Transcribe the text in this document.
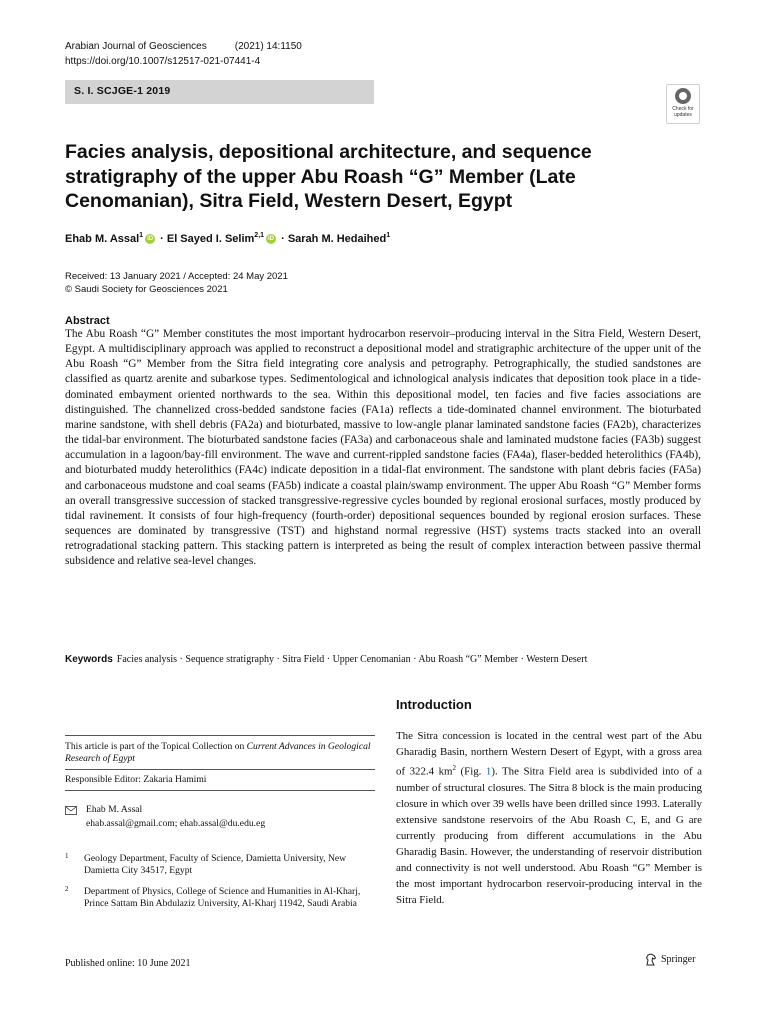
Arabian Journal of Geosciences	(2021) 14:1150
https://doi.org/10.1007/s12517-021-07441-4
S. I. SCJGE-1 2019
Check for
updates
Facies analysis, depositional architecture, and sequence stratigraphy of the upper Abu Roash “G” Member (Late Cenomanian), Sitra Field, Western Desert, Egypt
Ehab M. Assal$^1$iD · El Sayed I. Selim$^{2,1}$iD · Sarah M. Hedaihed$^1$
Received: 13 January 2021 / Accepted: 24 May 2021
© Saudi Society for Geosciences 2021
Abstract
The Abu Roash “G” Member constitutes the most important hydrocarbon reservoir–producing interval in the Sitra Field, Western Desert, Egypt. A multidisciplinary approach was applied to reconstruct a depositional model and stratigraphic architecture of the upper unit of the Abu Roash “G” Member from the Sitra field integrating core analysis and petrography. Petrographically, the studied sandstones are classified as quartz arenite and subarkose types. Sedimentological and ichnological analysis indicates that deposition took place in a tide-dominated embayment oriented northwards to the sea. Within this depositional model, ten facies and five facies associations are distinguished. The channelized cross-bedded sandstone facies (FA1a) reflects a tide-dominated channel environment. The bioturbated marine sandstone, with shell debris (FA2a) and bioturbated, massive to low-angle planar laminated sandstone facies (FA2b), characterizes the tidal-bar environment. The bioturbated sandstone facies (FA3a) and carbonaceous shale and laminated mudstone facies (FA3b) suggest accumulation in a lagoon/bay-fill environment. The wave and current-rippled sandstone facies (FA4a), flaser-bedded heterolithics (FA4b), and bioturbated muddy heterolithics (FA4c) indicate deposition in a tidal-flat environment. The sandstone with plant debris facies (FA5a) and carbonaceous mudstone and coal seams (FA5b) indicate a coastal plain/swamp environment. The upper Abu Roash “G” Member forms an overall transgressive succession of stacked transgressive-regressive cycles bounded by regional erosional surfaces, mostly produced by tidal ravinement. It consists of four high-frequency (fourth-order) depositional sequences bounded by regional erosion surfaces. These sequences are dominated by transgressive (TST) and highstand normal regressive (HST) systems tracts stacked into an overall retrogradational stacking pattern. This stacking pattern is interpreted as being the result of complex interaction between passive thermal subsidence and relative sea-level changes.
Keywords Facies analysis · Sequence stratigraphy · Sitra Field · Upper Cenomanian · Abu Roash “G” Member · Western Desert
Introduction
The Sitra concession is located in the central west part of the Abu Gharadig Basin, northern Western Desert of Egypt, with a gross area of 322.4 $km^2$ (Fig. 1). The Sitra Field area is subdivided into of a number of structural closures. The Sitra 8 block is the main producing closure in which over 39 wells have been drilled since 1993. Laterally extensive sandstone reservoirs of the Abu Roash C, E, and G are currently producing from different accumulations in the Abu Gharadig Basin. However, the understanding of reservoir distribution and connectivity is not well understood. Abu Roash “G” Member is the most important hydrocarbon reservoir-producing interval in the Sitra Field.
This article is part of the Topical Collection on Current Advances in Geological Research of Egypt
Responsible Editor: Zakaria Hamimi
Ehab M. Assal
ehab.assal@gmail.com; ehab.assal@du.edu.eg
1 Geology Department, Faculty of Science, Damietta University, New Damietta City 34517, Egypt
2 Department of Physics, College of Science and Humanities in Al-Kharj, Prince Sattam Bin Abdulaziz University, Al-Kharj 11942, Saudi Arabia
Published online: 10 June 2021	Springer
